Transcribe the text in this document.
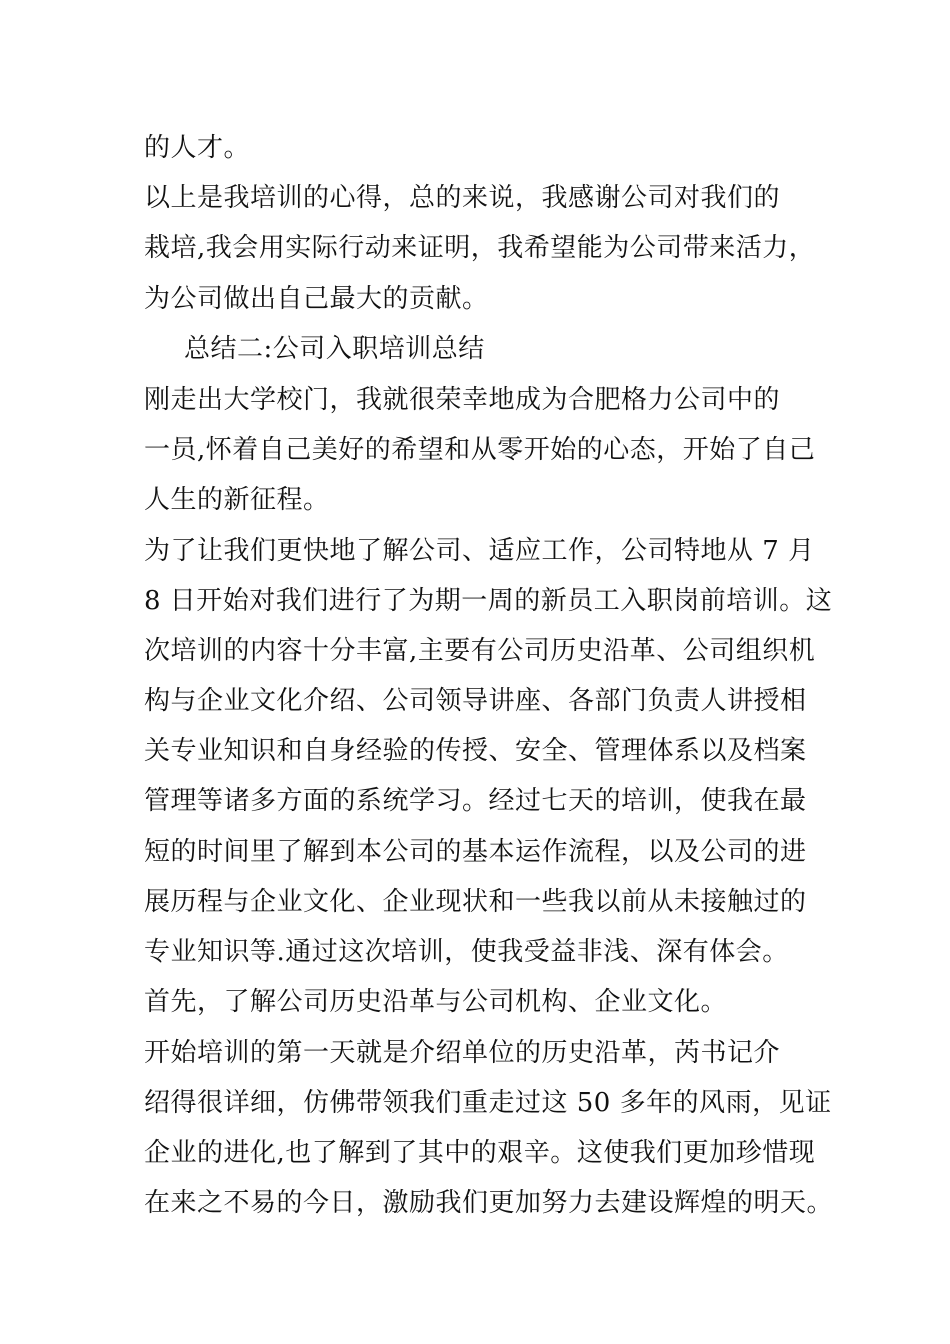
的人才。
以上是我培训的心得，总的来说，我感谢公司对我们的
栽培,我会用实际行动来证明，我希望能为公司带来活力，
为公司做出自己最大的贡献。
总结二:公司入职培训总结
刚走出大学校门，我就很荣幸地成为合肥格力公司中的
一员,怀着自己美好的希望和从零开始的心态，开始了自己
人生的新征程。
为了让我们更快地了解公司、适应工作，公司特地从 7 月
8 日开始对我们进行了为期一周的新员工入职岗前培训。这
次培训的内容十分丰富,主要有公司历史沿革、公司组织机
构与企业文化介绍、公司领导讲座、各部门负责人讲授相
关专业知识和自身经验的传授、安全、管理体系以及档案
管理等诸多方面的系统学习。经过七天的培训，使我在最
短的时间里了解到本公司的基本运作流程，以及公司的进
展历程与企业文化、企业现状和一些我以前从未接触过的
专业知识等.通过这次培训，使我受益非浅、深有体会。
首先，了解公司历史沿革与公司机构、企业文化。
开始培训的第一天就是介绍单位的历史沿革，芮书记介
绍得很详细，仿佛带领我们重走过这 50 多年的风雨，见证
企业的进化,也了解到了其中的艰辛。这使我们更加珍惜现
在来之不易的今日，激励我们更加努力去建设辉煌的明天。
